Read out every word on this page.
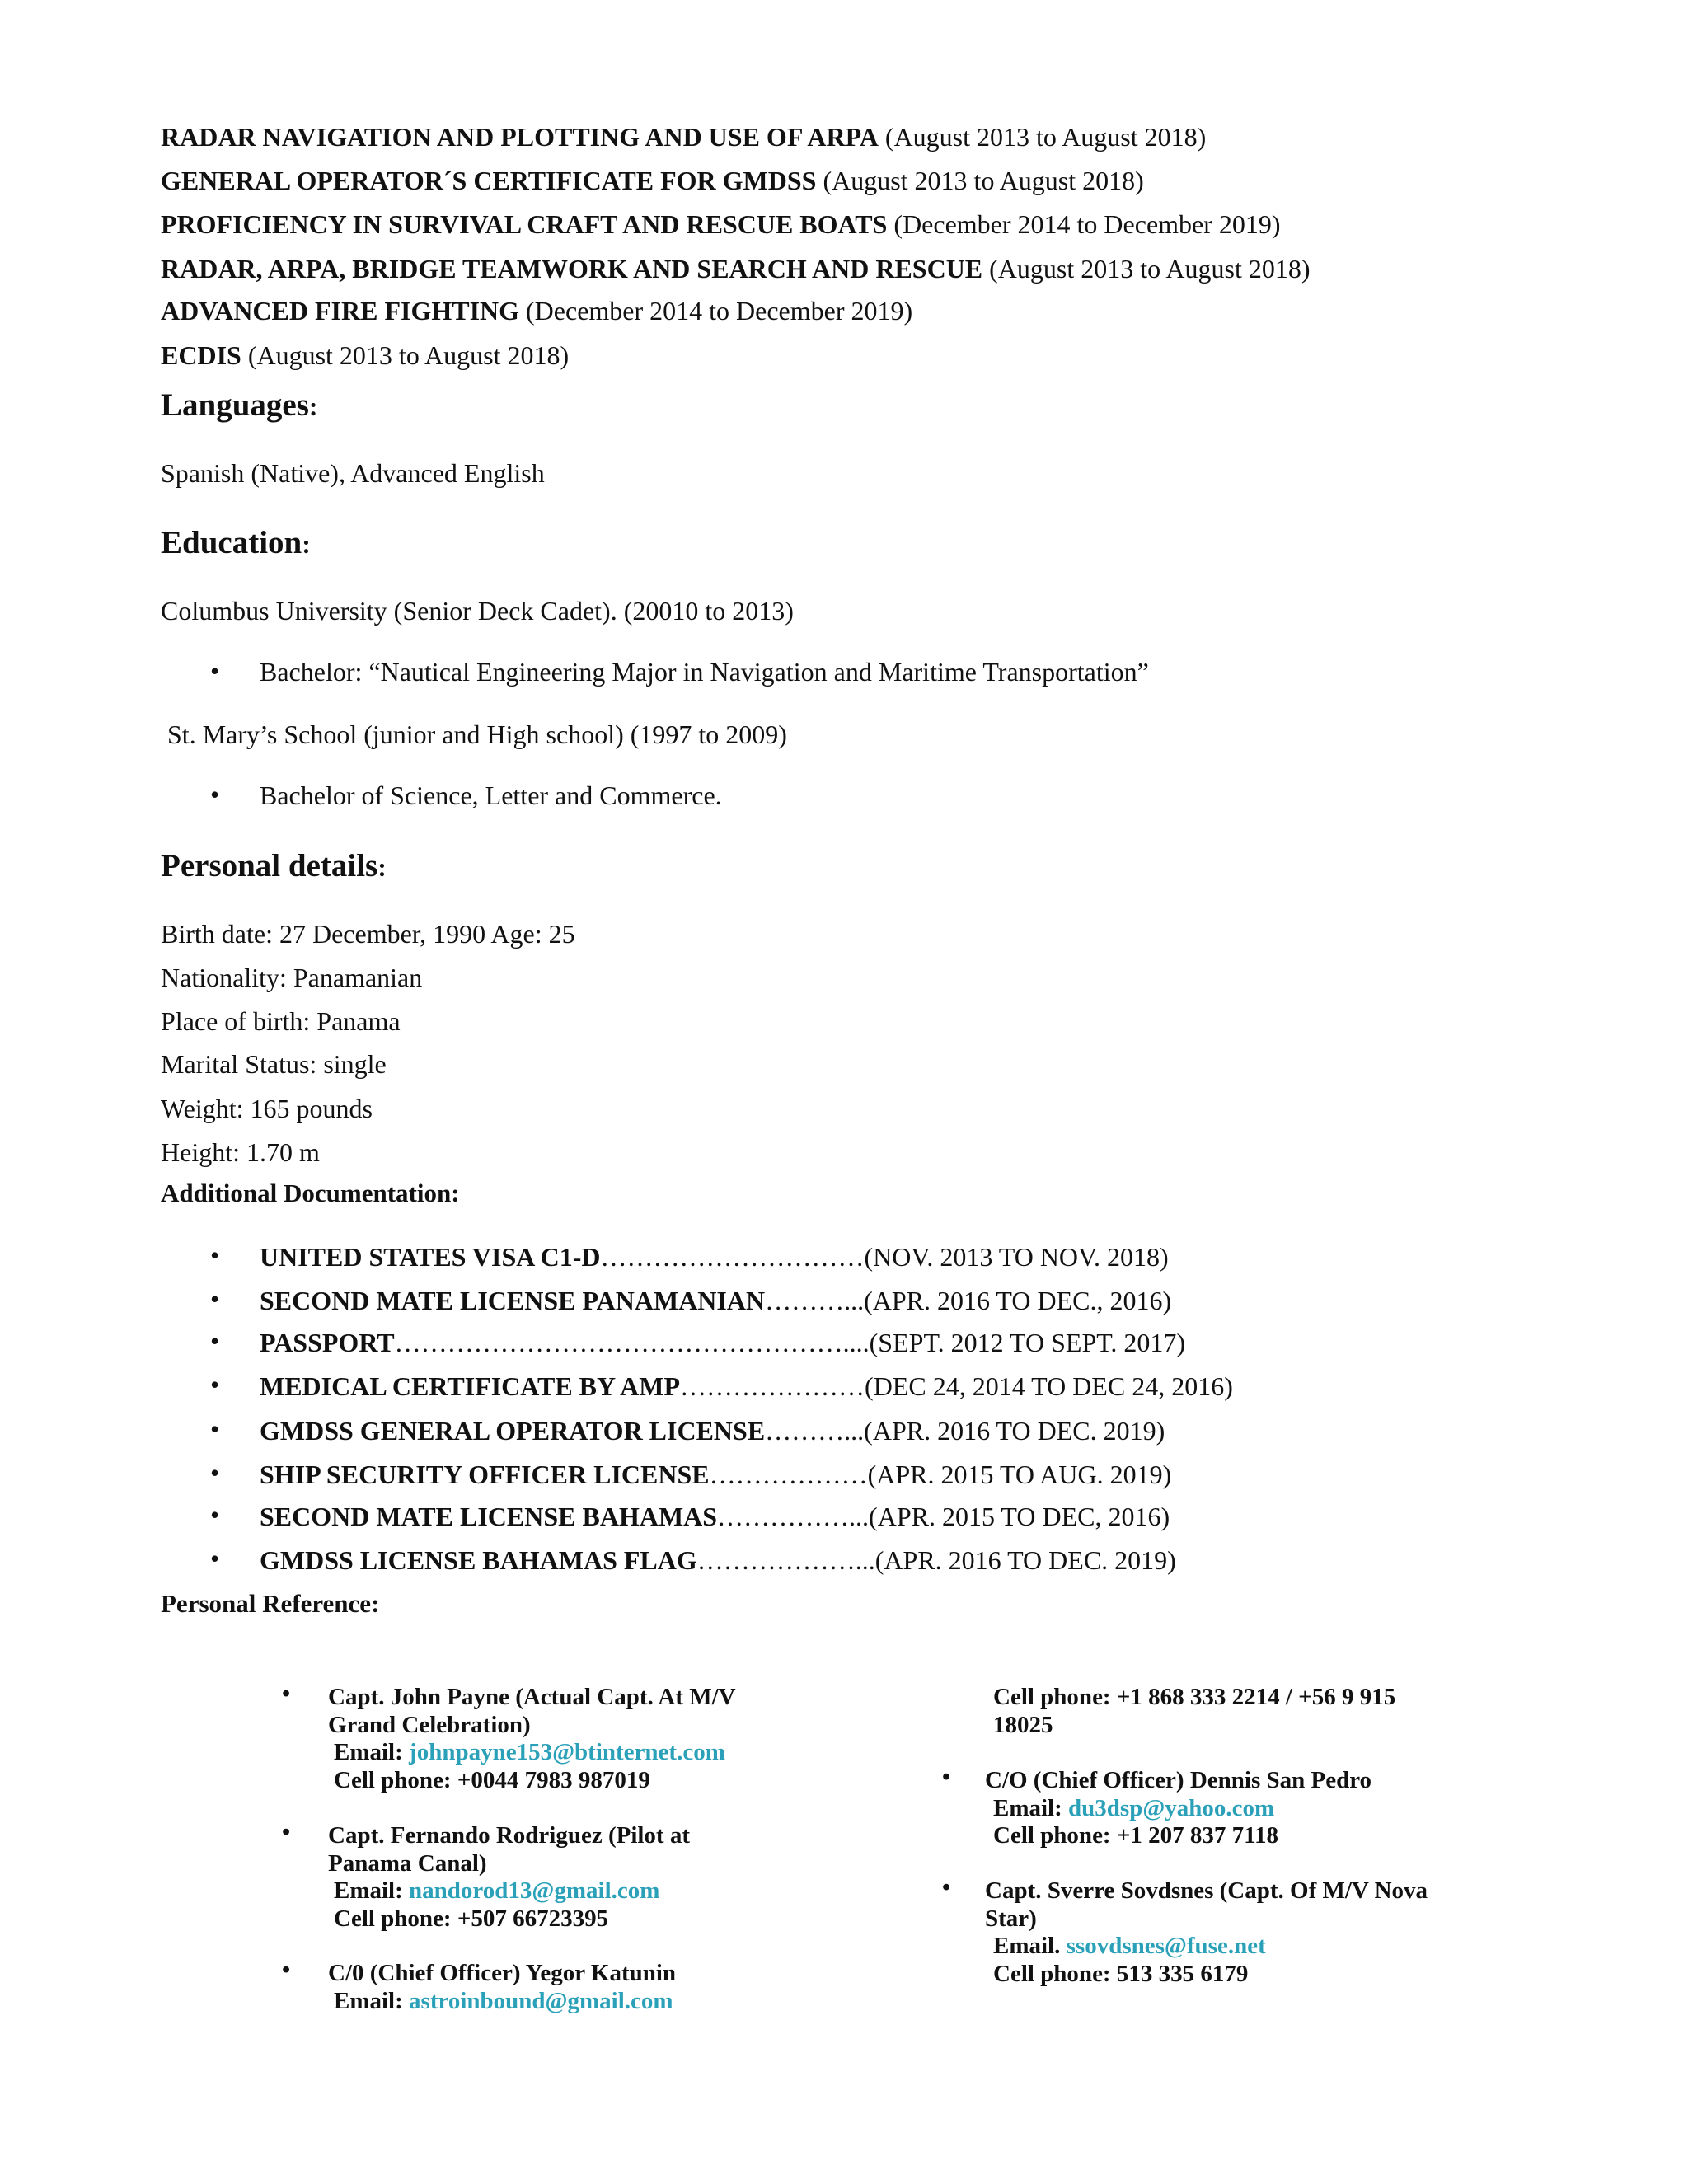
RADAR NAVIGATION AND PLOTTING AND USE OF ARPA (August 2013 to August 2018)
GENERAL OPERATOR´S CERTIFICATE FOR GMDSS (August 2013 to August 2018)
PROFICIENCY IN SURVIVAL CRAFT AND RESCUE BOATS (December 2014 to December 2019)
RADAR, ARPA, BRIDGE TEAMWORK AND SEARCH AND RESCUE (August 2013 to August 2018)
ADVANCED FIRE FIGHTING (December 2014 to December 2019)
ECDIS (August 2013 to August 2018)
Languages:
Spanish (Native), Advanced English
Education:
Columbus University (Senior Deck Cadet). (20010 to 2013)
• Bachelor: “Nautical Engineering Major in Navigation and Maritime Transportation”
St. Mary’s School (junior and High school) (1997 to 2009)
• Bachelor of Science, Letter and Commerce.
Personal details:
Birth date: 27 December, 1990 Age: 25
Nationality: Panamanian
Place of birth: Panama
Marital Status: single
Weight: 165 pounds
Height: 1.70 m
Additional Documentation:
• UNITED STATES VISA C1-D…………………………(NOV. 2013 TO NOV. 2018)
• SECOND MATE LICENSE PANAMANIAN………...(APR. 2016 TO DEC., 2016)
• PASSPORT……………………………………………....(SEPT. 2012 TO SEPT. 2017)
• MEDICAL CERTIFICATE BY AMP…………………(DEC 24, 2014 TO DEC 24, 2016)
• GMDSS GENERAL OPERATOR LICENSE………...(APR. 2016 TO DEC. 2019)
• SHIP SECURITY OFFICER LICENSE………………(APR. 2015 TO AUG. 2019)
• SECOND MATE LICENSE BAHAMAS……………...(APR. 2015 TO DEC, 2016)
• GMDSS LICENSE BAHAMAS FLAG………………...(APR. 2016 TO DEC. 2019)
Personal Reference:
• Capt. John Payne (Actual Capt. At M/V
Grand Celebration)
Email: johnpayne153@btinternet.com
Cell phone: +0044 7983 987019
• Capt. Fernando Rodriguez (Pilot at
Panama Canal)
Email: nandorod13@gmail.com
Cell phone: +507 66723395
• C/0 (Chief Officer) Yegor Katunin
Email: astroinbound@gmail.com
Cell phone: +1 868 333 2214 / +56 9 915
18025
• C/O (Chief Officer) Dennis San Pedro
Email: du3dsp@yahoo.com
Cell phone: +1 207 837 7118
• Capt. Sverre Sovdsnes (Capt. Of M/V Nova
Star)
Email. ssovdsnes@fuse.net
Cell phone: 513 335 6179
